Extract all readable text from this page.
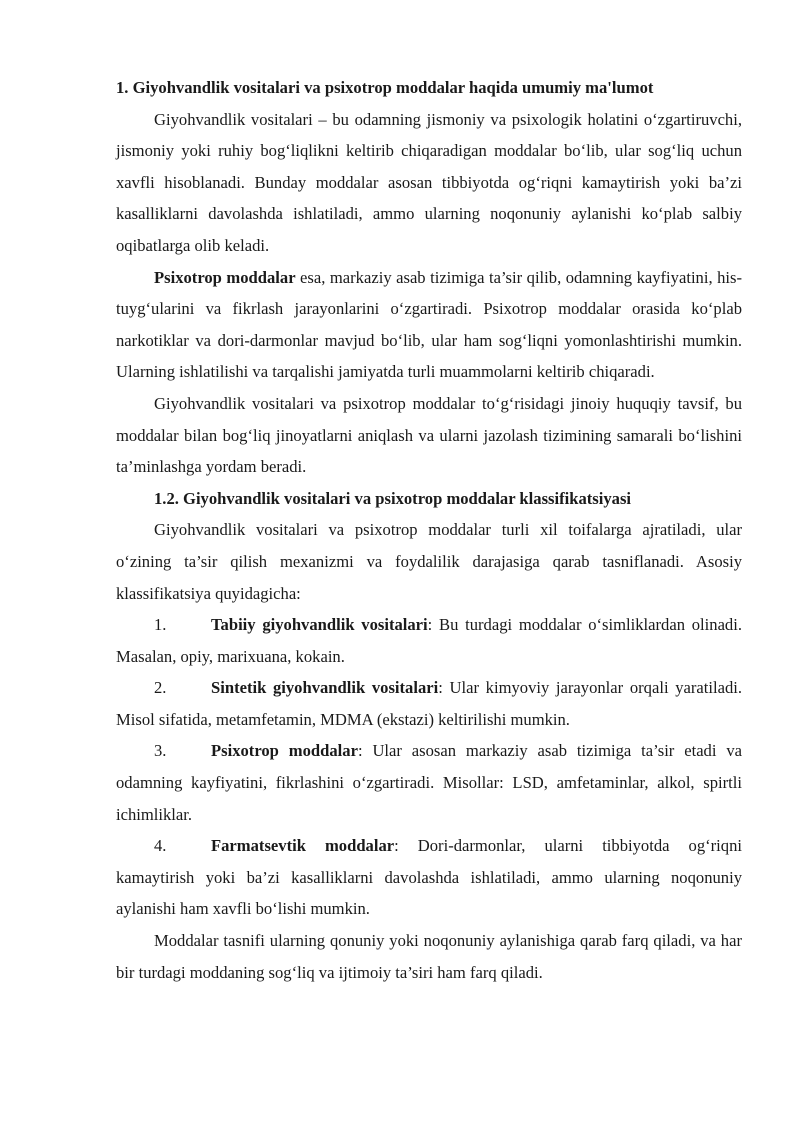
1. Giyohvandlik vositalari va psixotrop moddalar haqida umumiy ma'lumot

Giyohvandlik vositalari – bu odamning jismoniy va psixologik holatini o‘zgartiruvchi, jismoniy yoki ruhiy bog‘liqlikni keltirib chiqaradigan moddalar bo‘lib, ular sog‘liq uchun xavfli hisoblanadi. Bunday moddalar asosan tibbiyotda og‘riqni kamaytirish yoki ba’zi kasalliklarni davolashda ishlatiladi, ammo ularning noqonuniy aylanishi ko‘plab salbiy oqibatlarga olib keladi.

Psixotrop moddalar esa, markaziy asab tizimiga ta’sir qilib, odamning kayfiyatini, his-tuyg‘ularini va fikrlash jarayonlarini o‘zgartiradi. Psixotrop moddalar orasida ko‘plab narkotiklar va dori-darmonlar mavjud bo‘lib, ular ham sog‘liqni yomonlashtirishi mumkin. Ularning ishlatilishi va tarqalishi jamiyatda turli muammolarni keltirib chiqaradi.

Giyohvandlik vositalari va psixotrop moddalar to‘g‘risidagi jinoiy huquqiy tavsif, bu moddalar bilan bog‘liq jinoyatlarni aniqlash va ularni jazolash tizimining samarali bo‘lishini ta’minlashga yordam beradi.

1.2. Giyohvandlik vositalari va psixotrop moddalar klassifikatsiyasi

Giyohvandlik vositalari va psixotrop moddalar turli xil toifalarga ajratiladi, ular o‘zining ta’sir qilish mexanizmi va foydalilik darajasiga qarab tasniflanadi. Asosiy klassifikatsiya quyidagicha:

1.	Tabiiy giyohvandlik vositalari: Bu turdagi moddalar o‘simliklardan olinadi. Masalan, opiy, marixuana, kokain.
2.	Sintetik giyohvandlik vositalari: Ular kimyoviy jarayonlar orqali yaratiladi. Misol sifatida, metamfetamin, MDMA (ekstazi) keltirilishi mumkin.
3.	Psixotrop moddalar: Ular asosan markaziy asab tizimiga ta’sir etadi va odamning kayfiyatini, fikrlashini o‘zgartiradi. Misollar: LSD, amfetaminlar, alkol, spirtli ichimliklar.
4.	Farmatsevtik moddalar: Dori-darmonlar, ularni tibbiyotda og‘riqni kamaytirish yoki ba’zi kasalliklarni davolashda ishlatiladi, ammo ularning noqonuniy aylanishi ham xavfli bo‘lishi mumkin.

Moddalar tasnifi ularning qonuniy yoki noqonuniy aylanishiga qarab farq qiladi, va har bir turdagi moddaning sog‘liq va ijtimoiy ta’siri ham farq qiladi.
